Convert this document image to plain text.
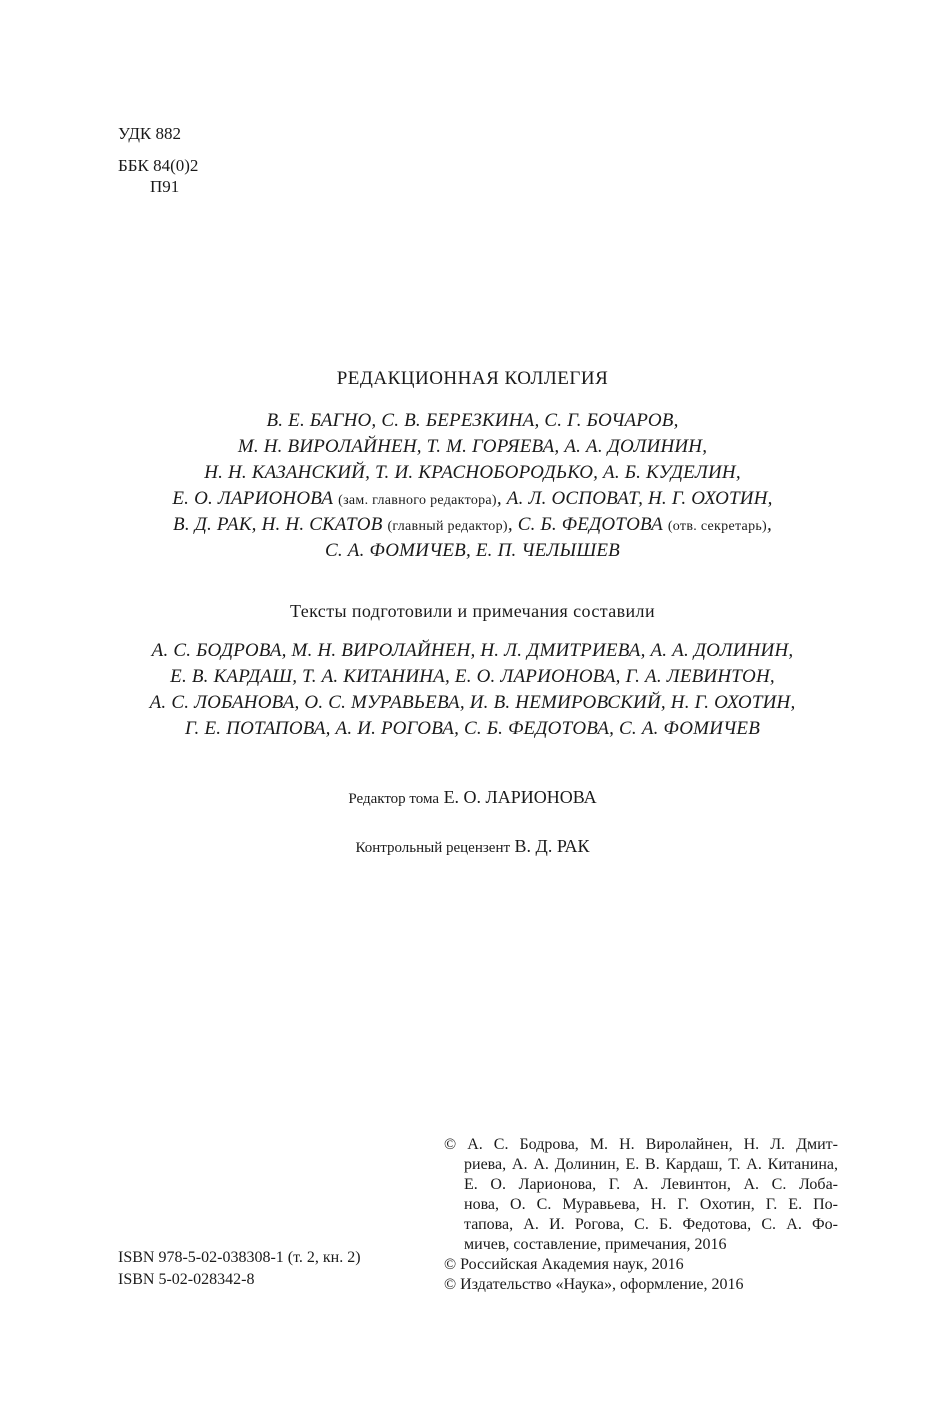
УДК 882
ББК 84(0)2
П91
РЕДАКЦИОННАЯ КОЛЛЕГИЯ
В. Е. БАГНО, С. В. БЕРЕЗКИНА, С. Г. БОЧАРОВ,
М. Н. ВИРОЛАЙНЕН, Т. М. ГОРЯЕВА, А. А. ДОЛИНИН,
Н. Н. КАЗАНСКИЙ, Т. И. КРАСНОБОРОДЬКО, А. Б. КУДЕЛИН,
Е. О. ЛАРИОНОВА (зам. главного редактора), А. Л. ОСПОВАТ, Н. Г. ОХОТИН,
В. Д. РАК, Н. Н. СКАТОВ (главный редактор), С. Б. ФЕДОТОВА (отв. секретарь),
С. А. ФОМИЧЕВ, Е. П. ЧЕЛЫШЕВ
Тексты подготовили и примечания составили
А. С. БОДРОВА, М. Н. ВИРОЛАЙНЕН, Н. Л. ДМИТРИЕВА, А. А. ДОЛИНИН,
Е. В. КАРДАШ, Т. А. КИТАНИНА, Е. О. ЛАРИОНОВА, Г. А. ЛЕВИНТОН,
А. С. ЛОБАНОВА, О. С. МУРАВЬЕВА, И. В. НЕМИРОВСКИЙ, Н. Г. ОХОТИН,
Г. Е. ПОТАПОВА, А. И. РОГОВА, С. Б. ФЕДОТОВА, С. А. ФОМИЧЕВ
Редактор тома Е. О. ЛАРИОНОВА
Контрольный рецензент В. Д. РАК
© А. С. Бодрова, М. Н. Виролайнен, Н. Л. Дмит-
риева, А. А. Долинин, Е. В. Кардаш, Т. А. Китанина,
Е. О. Ларионова, Г. А. Левинтон, А. С. Лоба-
нова, О. С. Муравьева, Н. Г. Охотин, Г. Е. По-
тапова, А. И. Рогова, С. Б. Федотова, С. А. Фо-
мичев, составление, примечания, 2016
© Российская Академия наук, 2016
© Издательство «Наука», оформление, 2016
ISBN 978-5-02-038308-1 (т. 2, кн. 2)
ISBN 5-02-028342-8
